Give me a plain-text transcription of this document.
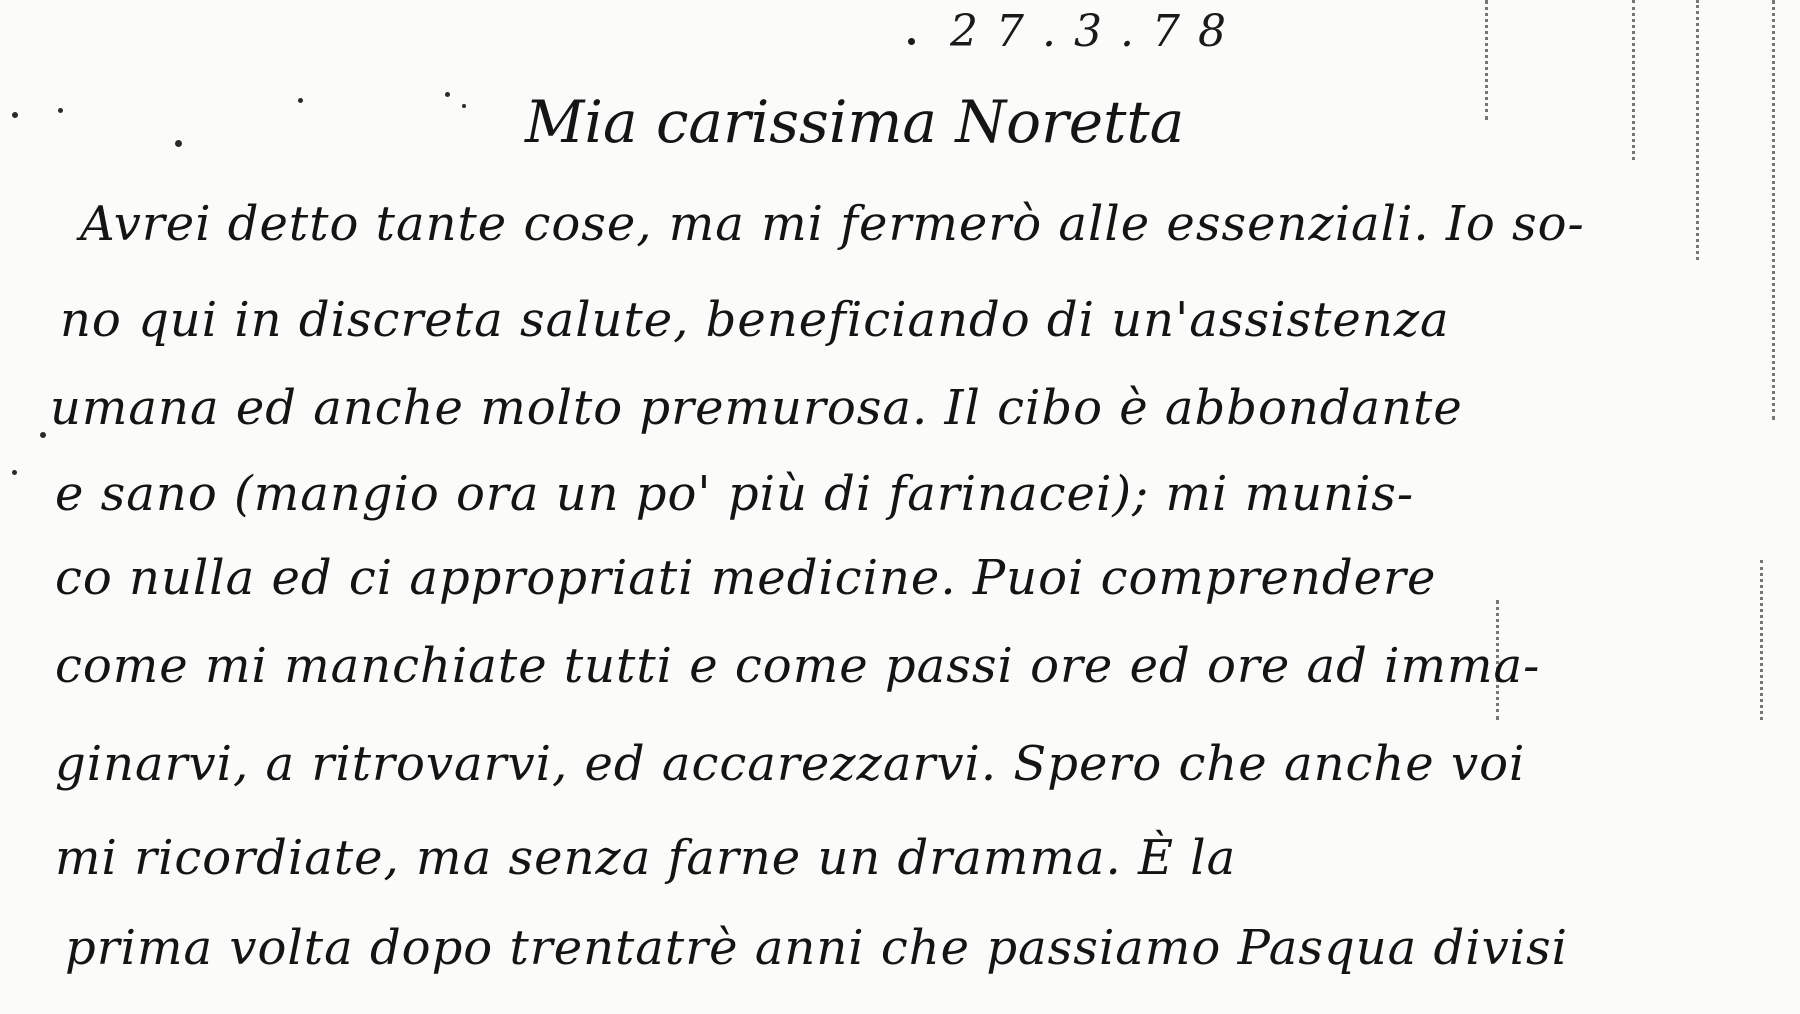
27.3.78
Mia carissima Noretta
Avrei detto tante cose, ma mi fermerò alle essenziali. Io so-
no qui in discreta salute, beneficiando di un'assistenza
umana ed anche molto premurosa. Il cibo è abbondante
e sano (mangio ora un po' più di farinacei); mi munis-
co nulla ed ci appropriati medicine. Puoi comprendere
come mi manchiate tutti e come passi ore ed ore ad imma-
ginarvi, a ritrovarvi, ed accarezzarvi. Spero che anche voi
mi ricordiate, ma senza farne un dramma. È la
prima volta dopo trentatrè anni che passiamo Pasqua divisi
